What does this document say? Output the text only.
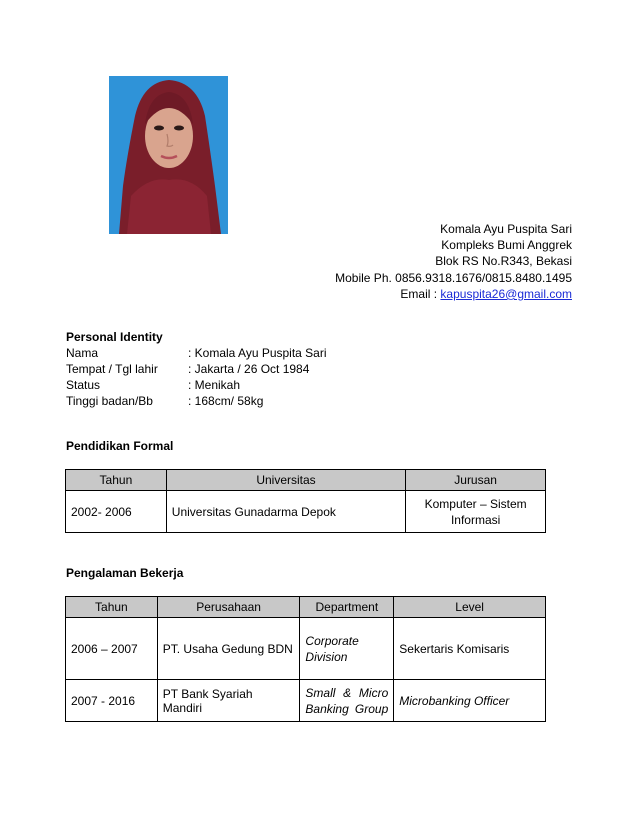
Komala Ayu Puspita Sari
Kompleks Bumi Anggrek
Blok RS No.R343, Bekasi
Mobile Ph. 0856.9318.1676/0815.8480.1495
Email : kapuspita26@gmail.com
Personal Identity
Nama	: Komala Ayu Puspita Sari
Tempat / Tgl lahir	: Jakarta / 26 Oct 1984
Status	: Menikah
Tinggi badan/Bb	: 168cm/ 58kg
Pendidikan Formal
Tahun	Universitas	Jurusan
2002- 2006	Universitas Gunadarma Depok	Komputer – Sistem Informasi
Pengalaman Bekerja
Tahun	Perusahaan	Department	Level
2006 – 2007	PT. Usaha Gedung BDN	Corporate Division	Sekertaris Komisaris
2007 - 2016	PT Bank Syariah Mandiri	Small & Micro Banking Group	Microbanking Officer
